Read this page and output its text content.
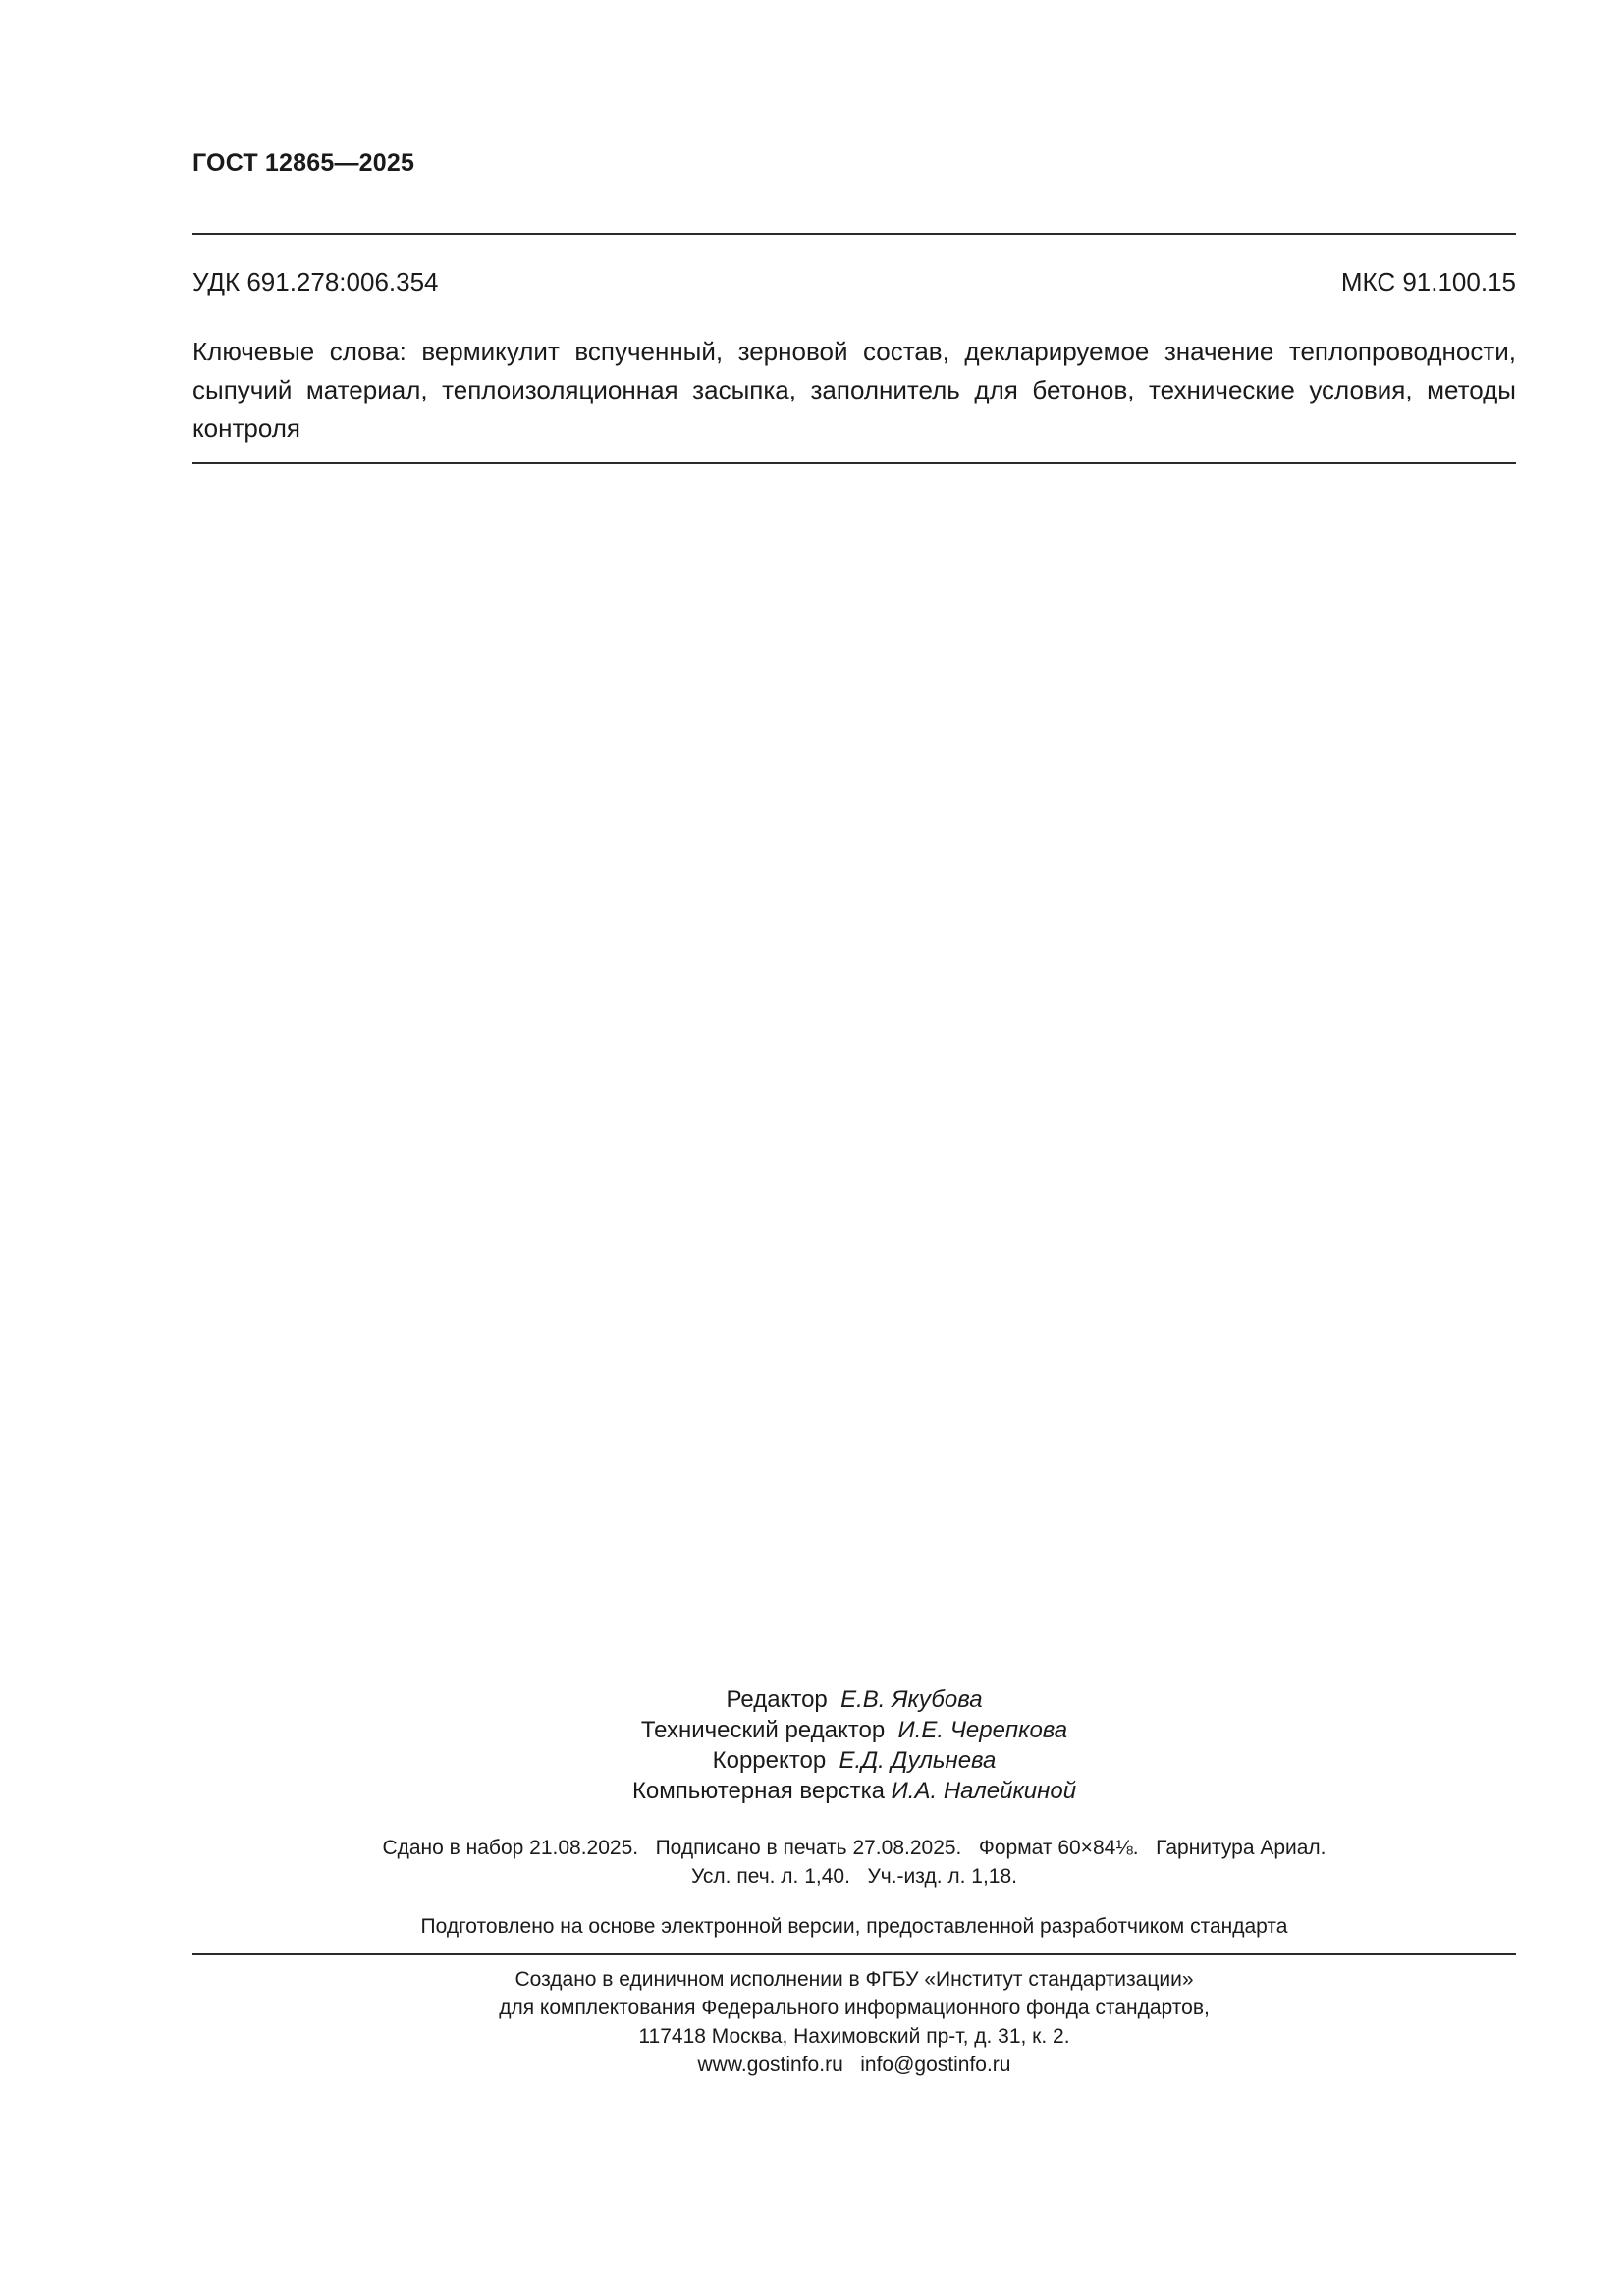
ГОСТ 12865—2025
УДК 691.278:006.354	МКС 91.100.15
Ключевые слова: вермикулит вспученный, зерновой состав, декларируемое значение теплопроводности, сыпучий материал, теплоизоляционная засыпка, заполнитель для бетонов, технические условия, методы контроля
Редактор
Е.В. Якубова
Технический редактор
И.Е. Черепкова
Корректор
Е.Д. Дульнева
Компьютерная верстка
И.А. Налейкиной
Сдано в набор 21.08.2025.   Подписано в печать 27.08.2025.   Формат 60×84⅛.   Гарнитура Ариал.
Усл. печ. л. 1,40.   Уч.-изд. л. 1,18.
Подготовлено на основе электронной версии, предоставленной разработчиком стандарта
Создано в единичном исполнении в ФГБУ «Институт стандартизации»
для комплектования Федерального информационного фонда стандартов,
117418 Москва, Нахимовский пр-т, д. 31, к. 2.
www.gostinfo.ru   info@gostinfo.ru
